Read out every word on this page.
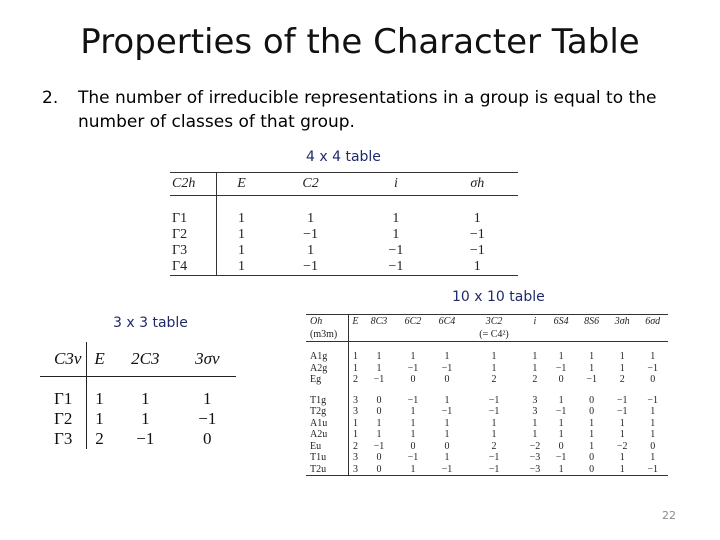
Properties of the Character Table
2. The number of irreducible representations in a group is equal to the number of classes of that group.
4 x 4 table
10 x 10 table
3 x 3 table
C2h	E	C2	i	σh

Γ1	1	1	1	1
Γ2	1	−1	1	−1
Γ3	1	1	−1	−1
Γ4	1	−1	−1	1
C3v	E	2C3	3σv

Γ1	1	1	1
Γ2	1	1	−1
Γ3	2	−1	0
Oh	E	8C3	6C2	6C4	3C2	i	6S4	8S6	3σh	6σd
(m3m)					(= C4²)					

A1g	1	1	1	1	1	1	1	1	1	1
A2g	1	1	−1	−1	1	1	−1	1	1	−1
Eg	2	−1	0	0	2	2	0	−1	2	0

T1g	3	0	−1	1	−1	3	1	0	−1	−1
T2g	3	0	1	−1	−1	3	−1	0	−1	1
A1u	1	1	1	1	1	1	1	1	1	1
A2u	1	1	1	1	1	1	1	1	1	1
Eu	2	−1	0	0	2	−2	0	1	−2	0
T1u	3	0	−1	1	−1	−3	−1	0	1	1
T2u	3	0	1	−1	−1	−3	1	0	1	−1
22
